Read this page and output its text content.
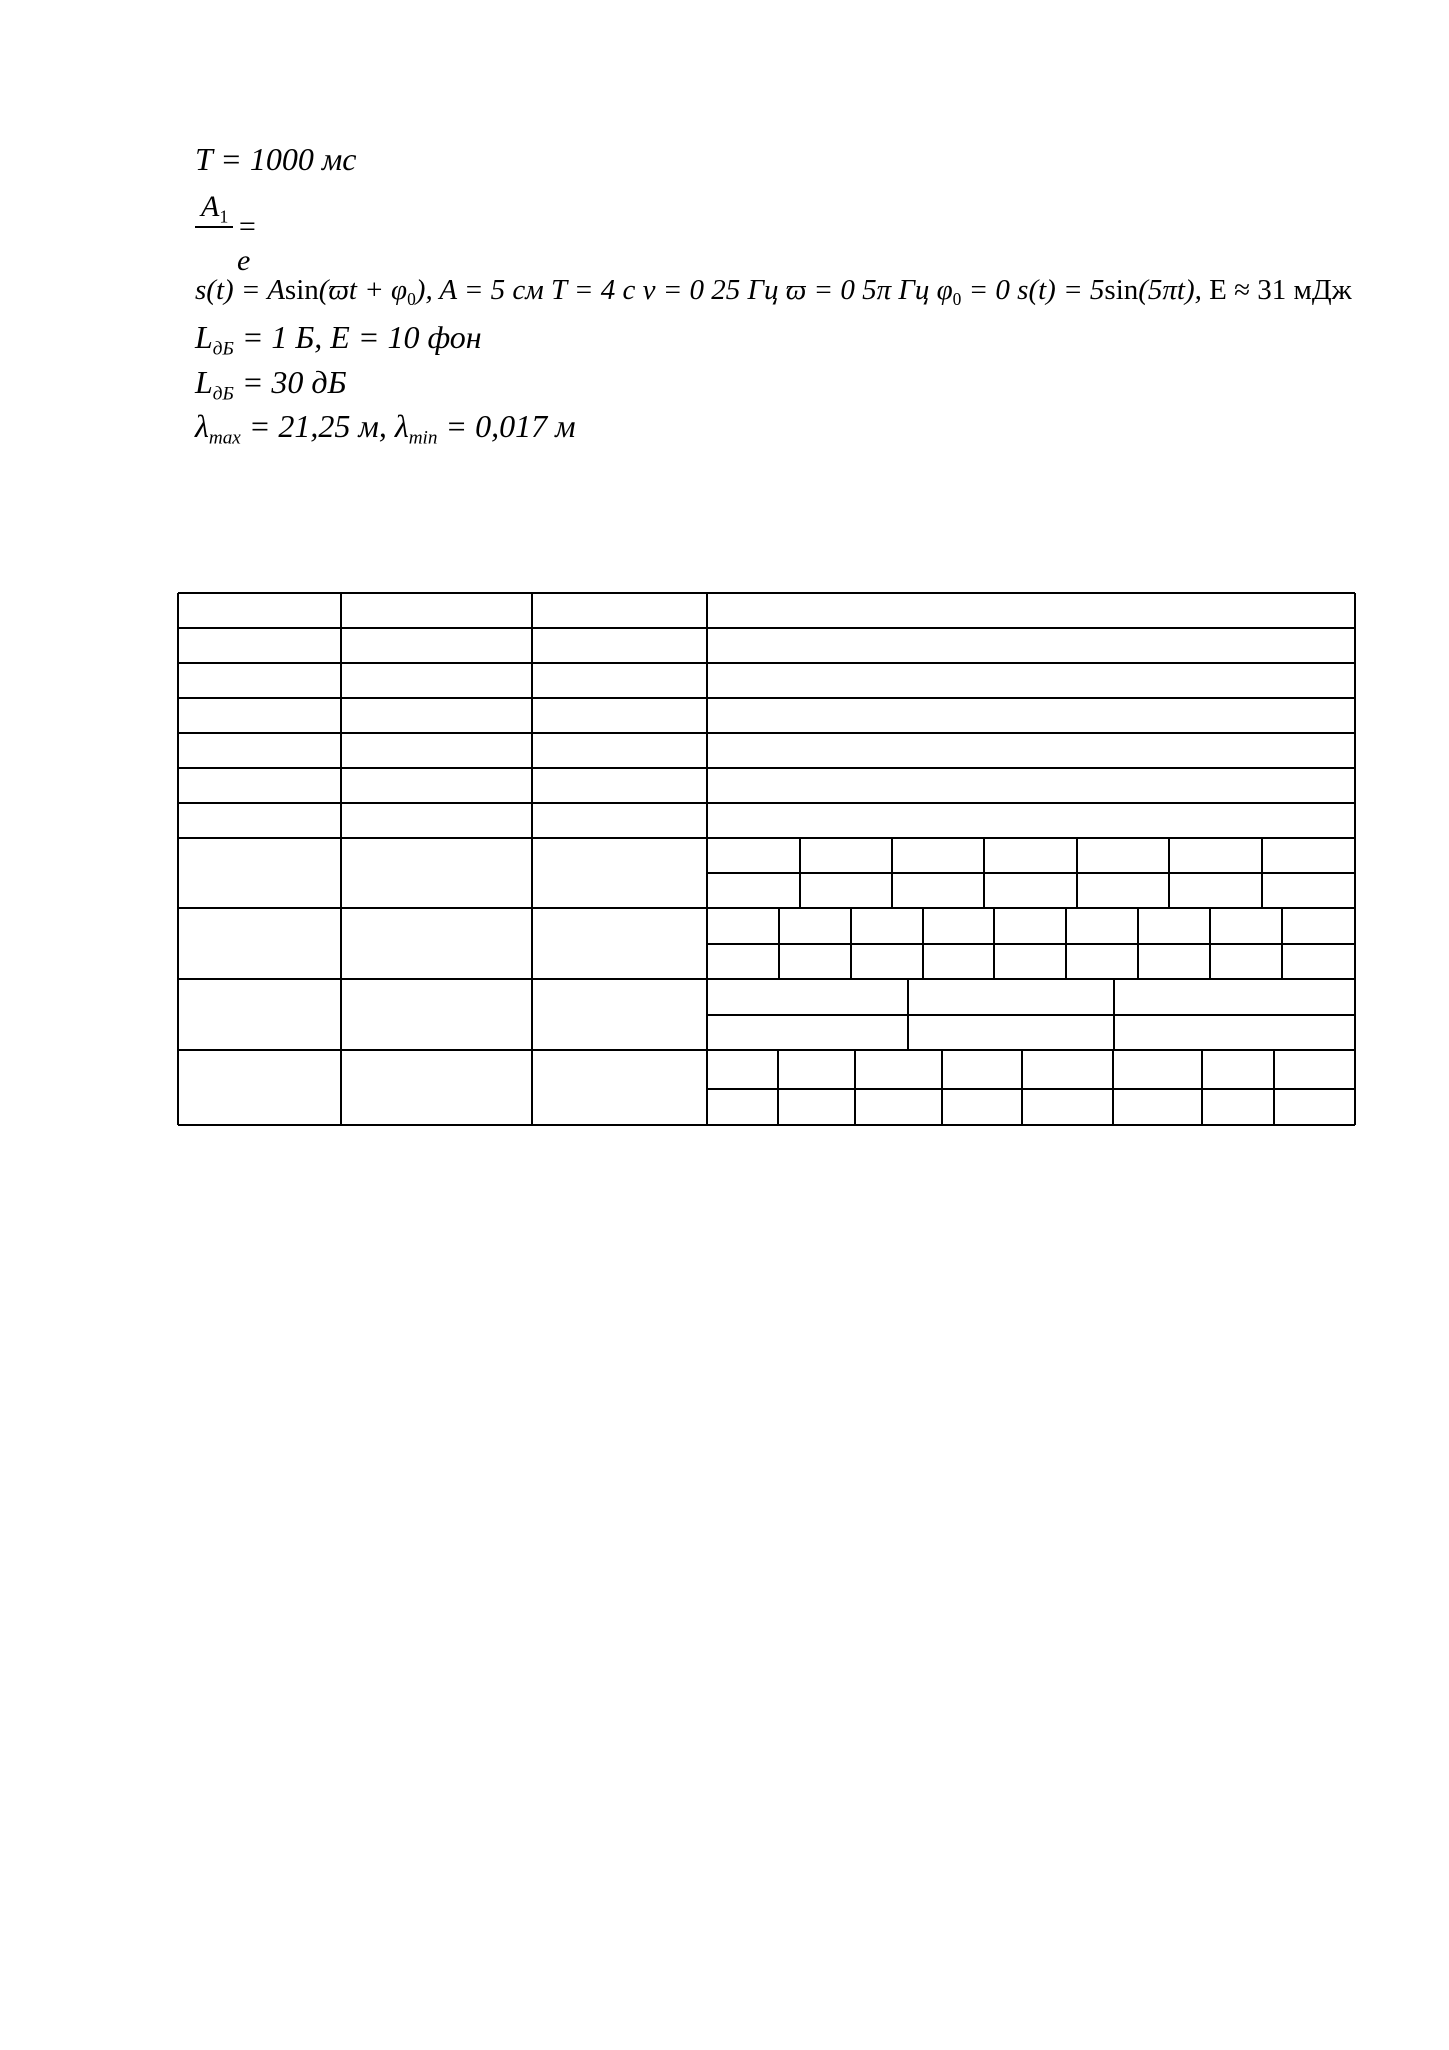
T = 1000 мс
$A_1 = e$
$s(t) = Asin(ϖt + \varphi_0)$, A = 5 см T = 4 с ν = 0 25 Гц ϖ = 0 5π Гц $\varphi_0 = 0$ s(t) = 5sin(5πt), E ≈ 31 мДж
$L_{дБ} = 1$ Б, E = 10 фон
$L_{дБ} = 30$ дБ
$\lambda_{max} = 21,25$ м, $\lambda_{min} = 0,017$ м
